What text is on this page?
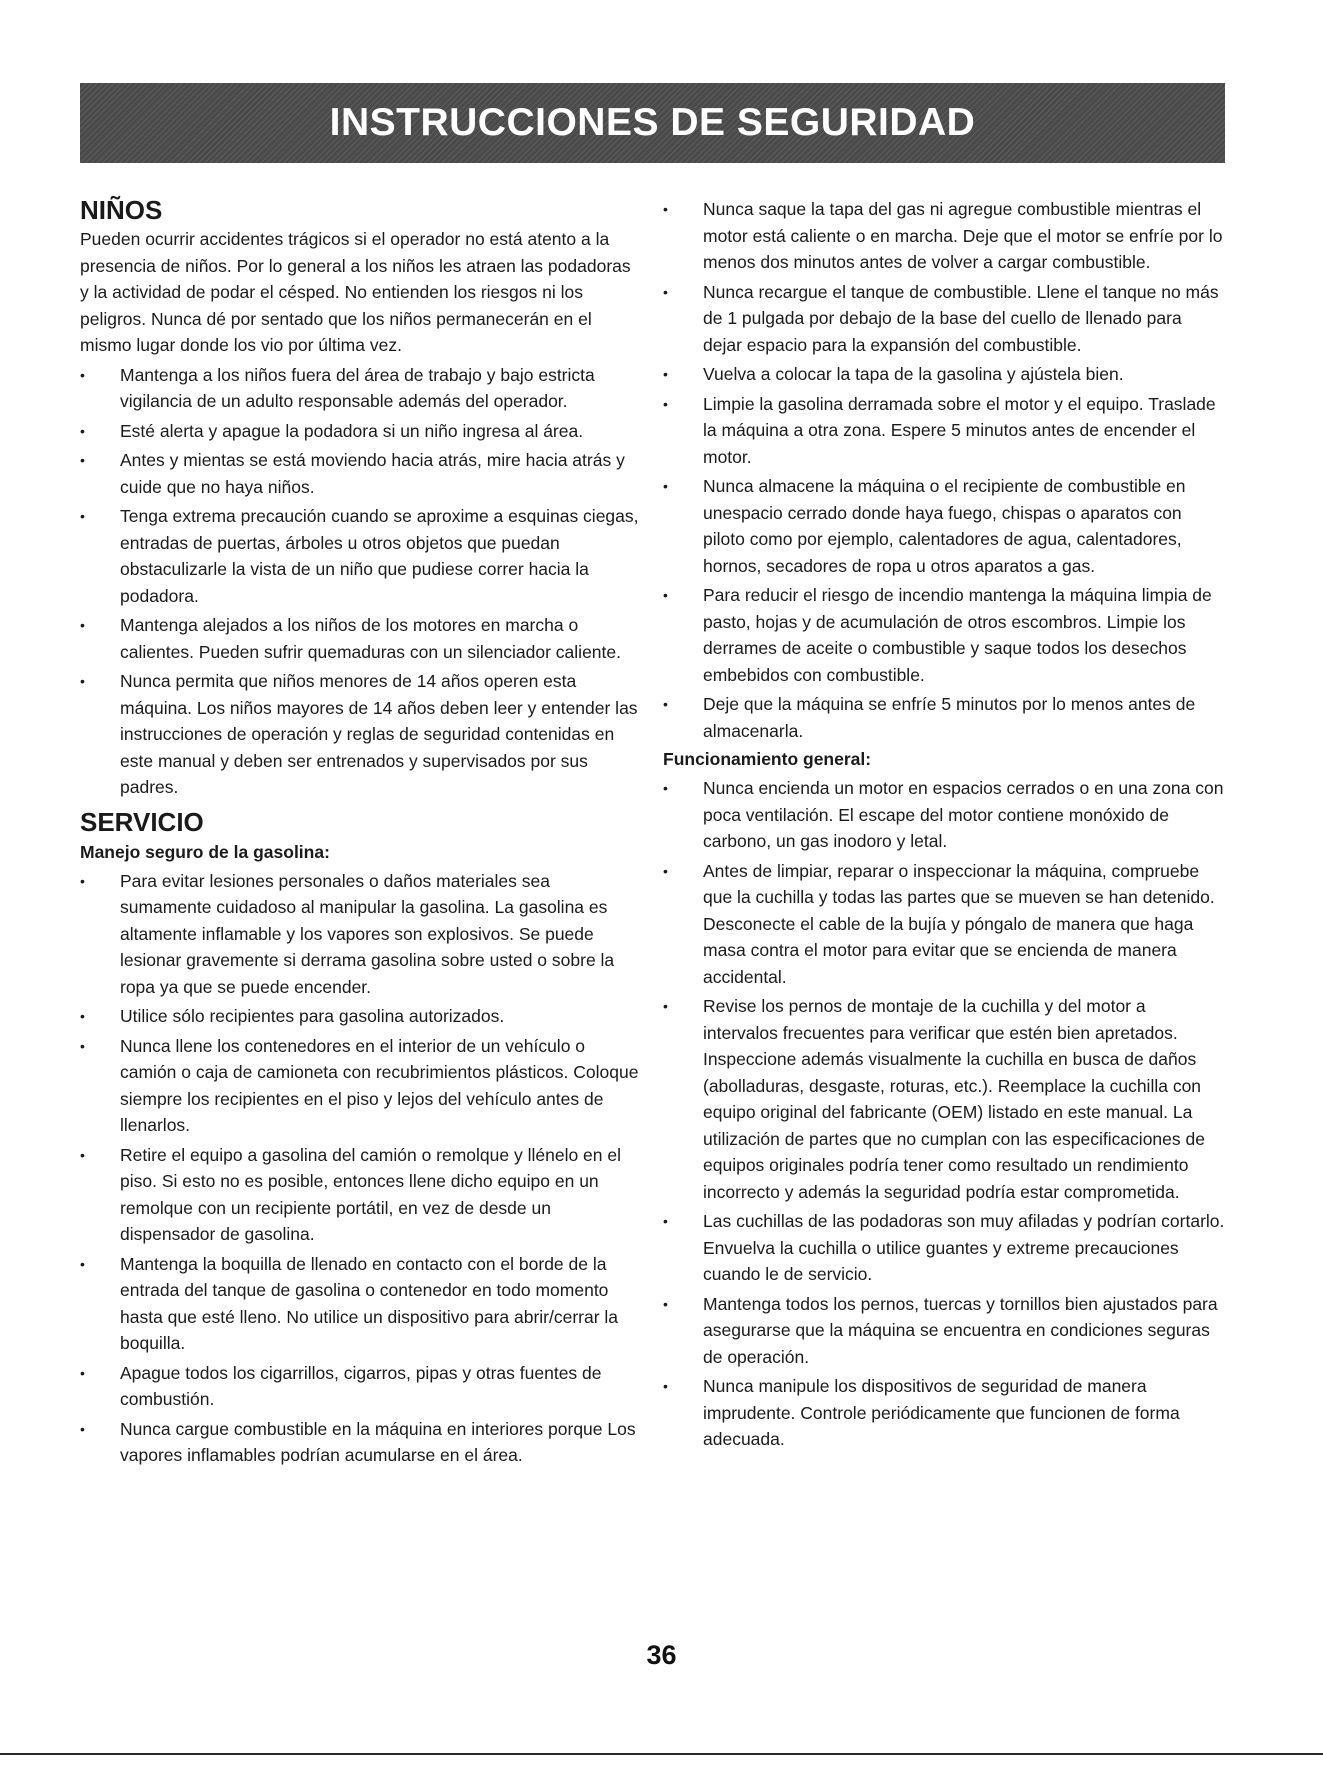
INSTRUCCIONES DE SEGURIDAD
NIÑOS

Pueden ocurrir accidentes trágicos si el operador no está atento a la presencia de niños. Por lo general a los niños les atraen las podadoras y la actividad de podar el césped. No entienden los riesgos ni los peligros. Nunca dé por sentado que los niños permanecerán en el mismo lugar donde los vio por última vez.

• Mantenga a los niños fuera del área de trabajo y bajo estricta vigilancia de un adulto responsable además del operador.
• Esté alerta y apague la podadora si un niño ingresa al área.
• Antes y mientas se está moviendo hacia atrás, mire hacia atrás y cuide que no haya niños.
• Tenga extrema precaución cuando se aproxime a esquinas ciegas, entradas de puertas, árboles u otros objetos que puedan obstaculizarle la vista de un niño que pudiese correr hacia la podadora.
• Mantenga alejados a los niños de los motores en marcha o calientes. Pueden sufrir quemaduras con un silenciador caliente.
• Nunca permita que niños menores de 14 años operen esta máquina. Los niños mayores de 14 años deben leer y entender las instrucciones de operación y reglas de seguridad contenidas en este manual y deben ser entrenados y supervisados por sus padres.
SERVICIO
Manejo seguro de la gasolina:
• Para evitar lesiones personales o daños materiales sea sumamente cuidadoso al manipular la gasolina. La gasolina es altamente inflamable y los vapores son explosivos. Se puede lesionar gravemente si derrama gasolina sobre usted o sobre la ropa ya que se puede encender.
• Utilice sólo recipientes para gasolina autorizados.
• Nunca llene los contenedores en el interior de un vehículo o camión o caja de camioneta con recubrimientos plásticos. Coloque siempre los recipientes en el piso y lejos del vehículo antes de llenarlos.
• Retire el equipo a gasolina del camión o remolque y llénelo en el piso. Si esto no es posible, entonces llene dicho equipo en un remolque con un recipiente portátil, en vez de desde un dispensador de gasolina.
• Mantenga la boquilla de llenado en contacto con el borde de la entrada del tanque de gasolina o contenedor en todo momento hasta que esté lleno. No utilice un dispositivo para abrir/cerrar la boquilla.
• Apague todos los cigarrillos, cigarros, pipas y otras fuentes de combustión.
• Nunca cargue combustible en la máquina en interiores porque Los vapores inflamables podrían acumularse en el área.
• Nunca saque la tapa del gas ni agregue combustible mientras el motor está caliente o en marcha. Deje que el motor se enfríe por lo menos dos minutos antes de volver a cargar combustible.
• Nunca recargue el tanque de combustible. Llene el tanque no más de 1 pulgada por debajo de la base del cuello de llenado para dejar espacio para la expansión del combustible.
• Vuelva a colocar la tapa de la gasolina y ajústela bien.
• Limpie la gasolina derramada sobre el motor y el equipo. Traslade la máquina a otra zona. Espere 5 minutos antes de encender el motor.
• Nunca almacene la máquina o el recipiente de combustible en unespacio cerrado donde haya fuego, chispas o aparatos con piloto como por ejemplo, calentadores de agua, calentadores, hornos, secadores de ropa u otros aparatos a gas.
• Para reducir el riesgo de incendio mantenga la máquina limpia de pasto, hojas y de acumulación de otros escombros. Limpie los derrames de aceite o combustible y saque todos los desechos embebidos con combustible.
• Deje que la máquina se enfríe 5 minutos por lo menos antes de almacenarla.
Funcionamiento general:
• Nunca encienda un motor en espacios cerrados o en una zona con poca ventilación. El escape del motor contiene monóxido de carbono, un gas inodoro y letal.
• Antes de limpiar, reparar o inspeccionar la máquina, compruebe que la cuchilla y todas las partes que se mueven se han detenido. Desconecte el cable de la bujía y póngalo de manera que haga masa contra el motor para evitar que se encienda de manera accidental.
• Revise los pernos de montaje de la cuchilla y del motor a intervalos frecuentes para verificar que estén bien apretados. Inspeccione además visualmente la cuchilla en busca de daños (abolladuras, desgaste, roturas, etc.). Reemplace la cuchilla con equipo original del fabricante (OEM) listado en este manual. La utilización de partes que no cumplan con las especificaciones de equipos originales podría tener como resultado un rendimiento incorrecto y además la seguridad podría estar comprometida.
• Las cuchillas de las podadoras son muy afiladas y podrían cortarlo. Envuelva la cuchilla o utilice guantes y extreme precauciones cuando le de servicio.
• Mantenga todos los pernos, tuercas y tornillos bien ajustados para asegurarse que la máquina se encuentra en condiciones seguras de operación.
• Nunca manipule los dispositivos de seguridad de manera imprudente. Controle periódicamente que funcionen de forma adecuada.
36
